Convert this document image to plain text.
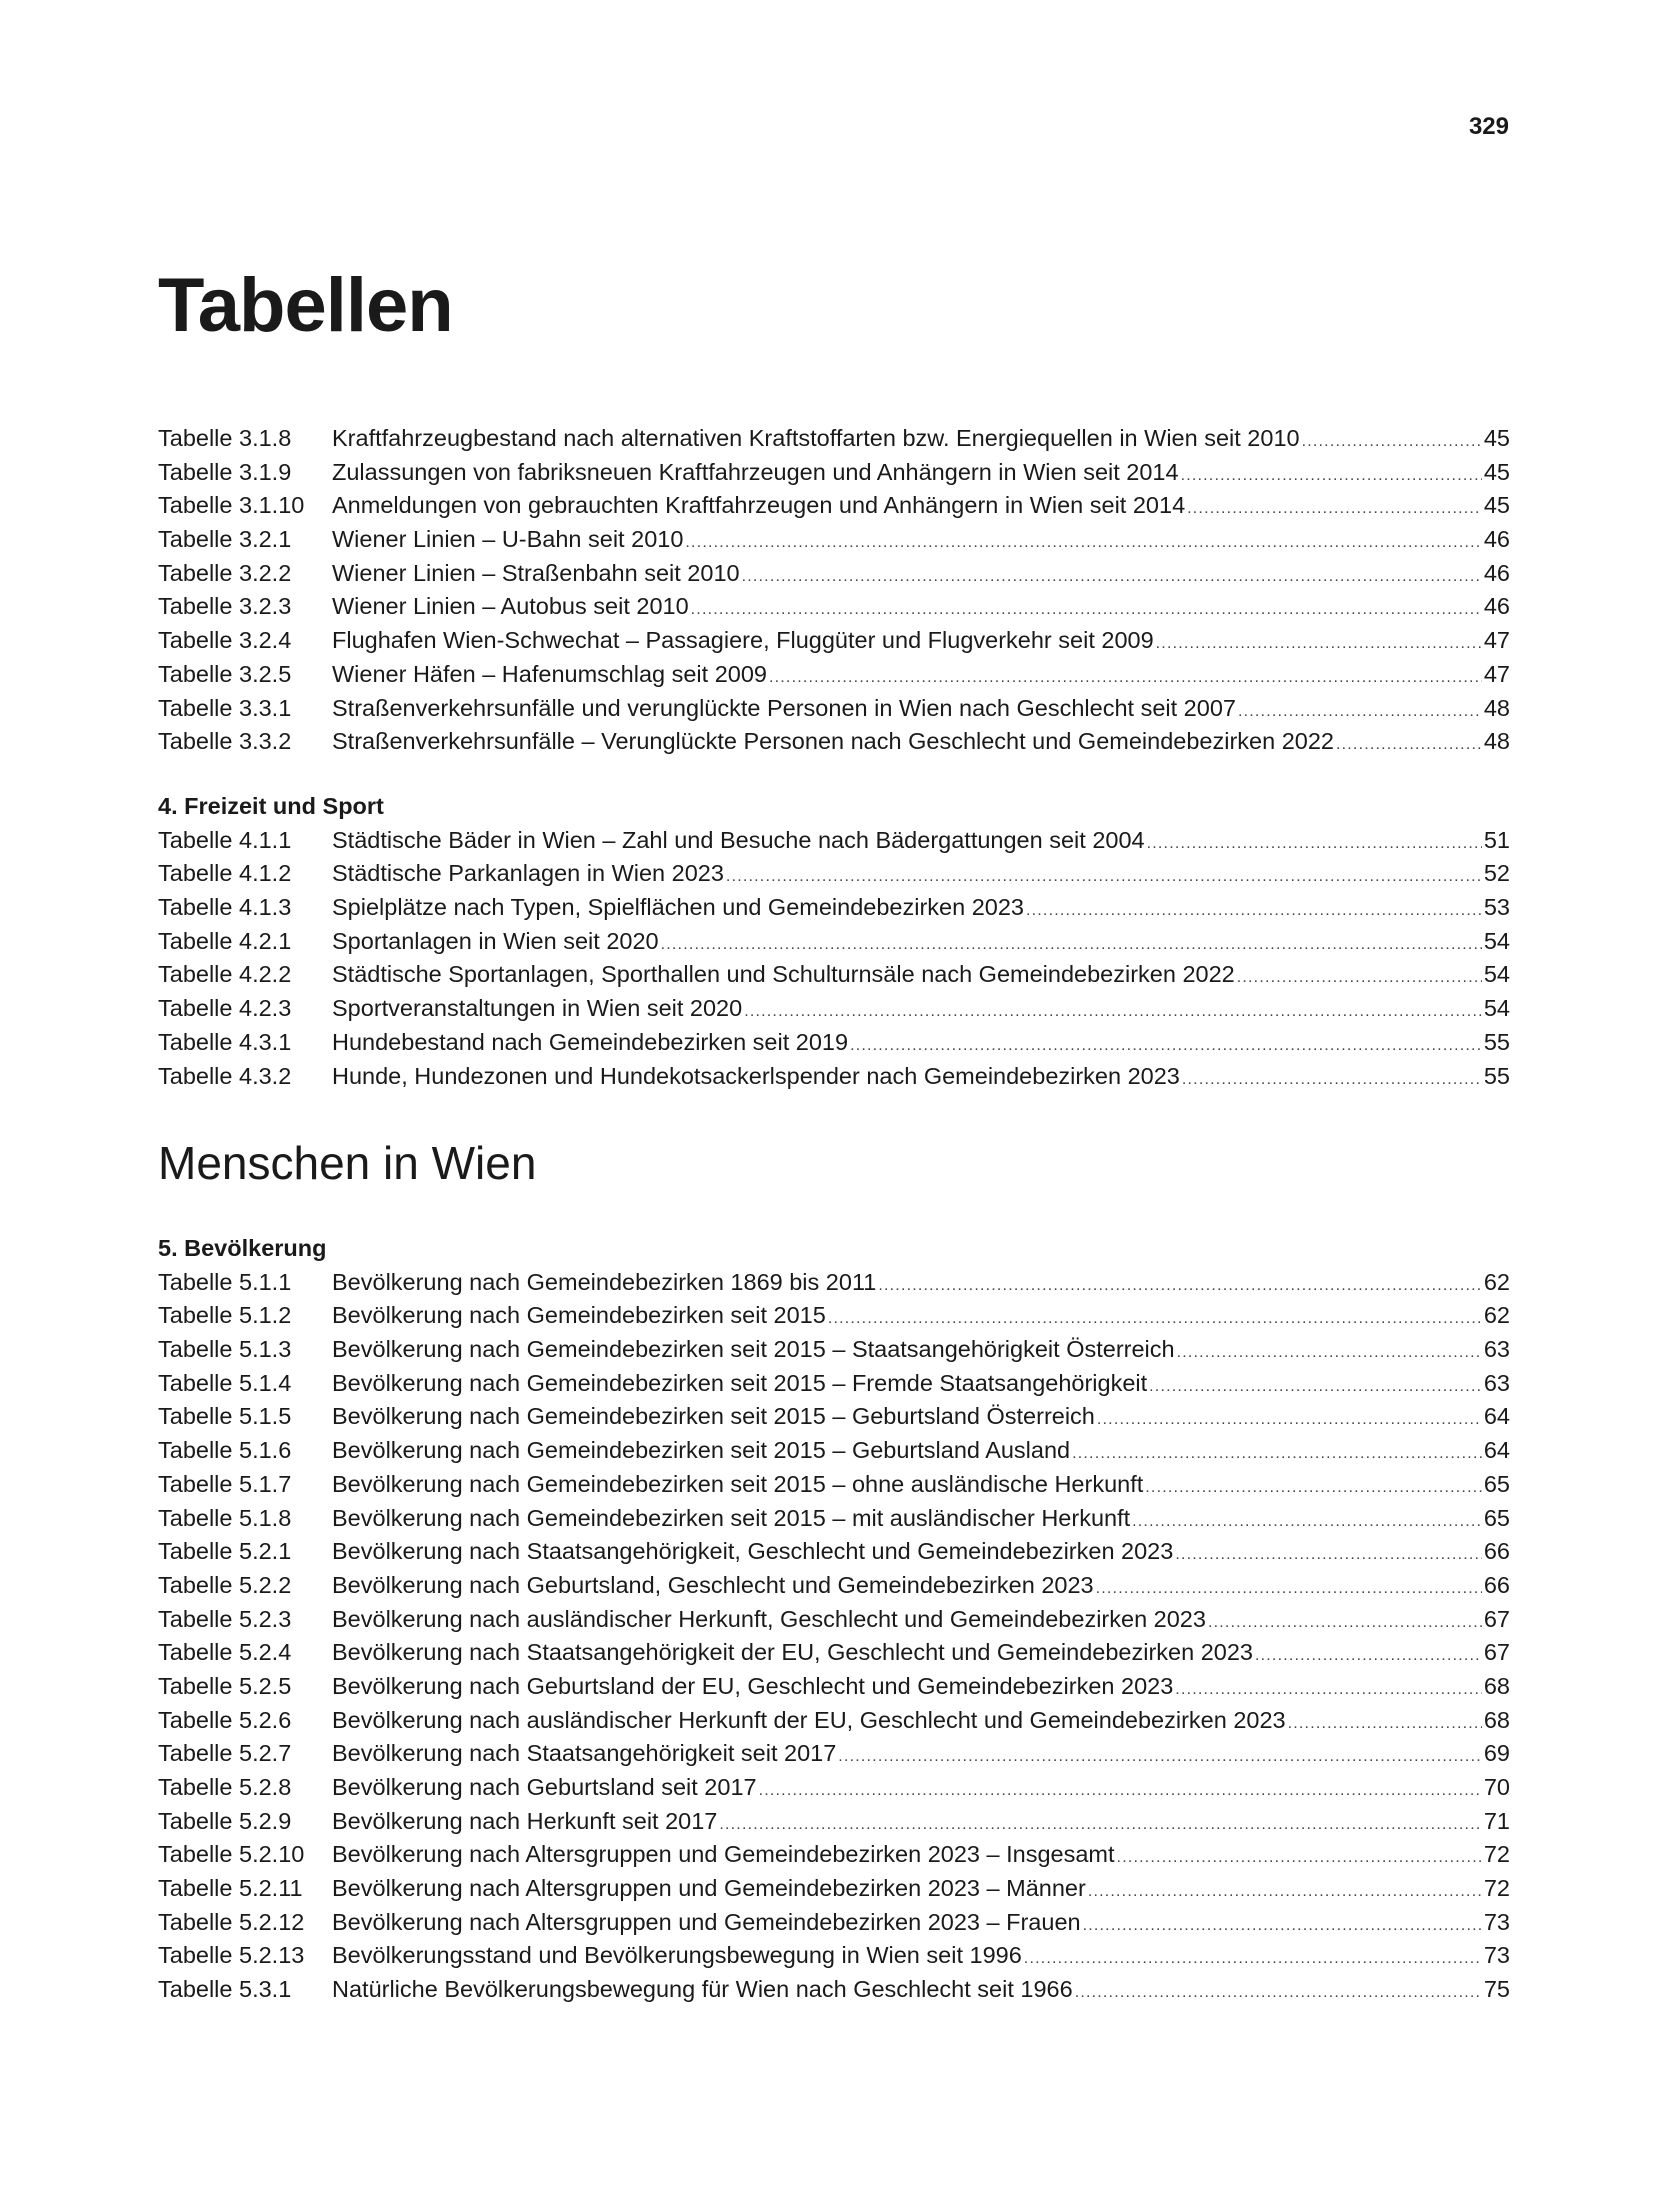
329
Tabellen
Tabelle 3.1.8	Kraftfahrzeugbestand nach alternativen Kraftstoffarten bzw. Energiequellen in Wien seit 2010 .....	45
Tabelle 3.1.9	Zulassungen von fabriksneuen Kraftfahrzeugen und Anhängern in Wien seit 2014 .....	45
Tabelle 3.1.10	Anmeldungen von gebrauchten Kraftfahrzeugen und Anhängern in Wien seit 2014 .....	45
Tabelle 3.2.1	Wiener Linien – U-Bahn seit 2010 .....	46
Tabelle 3.2.2	Wiener Linien – Straßenbahn seit 2010 .....	46
Tabelle 3.2.3	Wiener Linien – Autobus seit 2010 .....	46
Tabelle 3.2.4	Flughafen Wien-Schwechat – Passagiere, Fluggüter und Flugverkehr seit 2009 .....	47
Tabelle 3.2.5	Wiener Häfen – Hafenumschlag seit 2009 .....	47
Tabelle 3.3.1	Straßenverkehrsunfälle und verunglückte Personen in Wien nach Geschlecht seit 2007 .....	48
Tabelle 3.3.2	Straßenverkehrsunfälle – Verunglückte Personen nach Geschlecht und Gemeindebezirken 2022 .....	48
4. Freizeit und Sport
Tabelle 4.1.1	Städtische Bäder in Wien – Zahl und Besuche nach Bädergattungen seit 2004 .....	51
Tabelle 4.1.2	Städtische Parkanlagen in Wien 2023 .....	52
Tabelle 4.1.3	Spielplätze nach Typen, Spielflächen und Gemeindebezirken 2023 .....	53
Tabelle 4.2.1	Sportanlagen in Wien seit 2020 .....	54
Tabelle 4.2.2	Städtische Sportanlagen, Sporthallen und Schulturnsäle nach Gemeindebezirken 2022 .....	54
Tabelle 4.2.3	Sportveranstaltungen in Wien seit 2020 .....	54
Tabelle 4.3.1	Hundebestand nach Gemeindebezirken seit 2019 .....	55
Tabelle 4.3.2	Hunde, Hundezonen und Hundekotsackerlspender nach Gemeindebezirken 2023 .....	55
Menschen in Wien
5. Bevölkerung
Tabelle 5.1.1	Bevölkerung nach Gemeindebezirken 1869 bis 2011 .....	62
Tabelle 5.1.2	Bevölkerung nach Gemeindebezirken seit 2015 .....	62
Tabelle 5.1.3	Bevölkerung nach Gemeindebezirken seit 2015 – Staatsangehörigkeit Österreich .....	63
Tabelle 5.1.4	Bevölkerung nach Gemeindebezirken seit 2015 – Fremde Staatsangehörigkeit .....	63
Tabelle 5.1.5	Bevölkerung nach Gemeindebezirken seit 2015 – Geburtsland Österreich .....	64
Tabelle 5.1.6	Bevölkerung nach Gemeindebezirken seit 2015 – Geburtsland Ausland .....	64
Tabelle 5.1.7	Bevölkerung nach Gemeindebezirken seit 2015 – ohne ausländische Herkunft .....	65
Tabelle 5.1.8	Bevölkerung nach Gemeindebezirken seit 2015 – mit ausländischer Herkunft .....	65
Tabelle 5.2.1	Bevölkerung nach Staatsangehörigkeit, Geschlecht und Gemeindebezirken 2023 .....	66
Tabelle 5.2.2	Bevölkerung nach Geburtsland, Geschlecht und Gemeindebezirken 2023 .....	66
Tabelle 5.2.3	Bevölkerung nach ausländischer Herkunft, Geschlecht und Gemeindebezirken 2023 .....	67
Tabelle 5.2.4	Bevölkerung nach Staatsangehörigkeit der EU, Geschlecht und Gemeindebezirken 2023 .....	67
Tabelle 5.2.5	Bevölkerung nach Geburtsland der EU, Geschlecht und Gemeindebezirken 2023 .....	68
Tabelle 5.2.6	Bevölkerung nach ausländischer Herkunft der EU, Geschlecht und Gemeindebezirken 2023 .....	68
Tabelle 5.2.7	Bevölkerung nach Staatsangehörigkeit seit 2017 .....	69
Tabelle 5.2.8	Bevölkerung nach Geburtsland seit 2017 .....	70
Tabelle 5.2.9	Bevölkerung nach Herkunft seit 2017 .....	71
Tabelle 5.2.10	Bevölkerung nach Altersgruppen und Gemeindebezirken 2023 – Insgesamt .....	72
Tabelle 5.2.11	Bevölkerung nach Altersgruppen und Gemeindebezirken 2023 – Männer .....	72
Tabelle 5.2.12	Bevölkerung nach Altersgruppen und Gemeindebezirken 2023 – Frauen .....	73
Tabelle 5.2.13	Bevölkerungsstand und Bevölkerungsbewegung in Wien seit 1996 .....	73
Tabelle 5.3.1	Natürliche Bevölkerungsbewegung für Wien nach Geschlecht seit 1966 .....	75
